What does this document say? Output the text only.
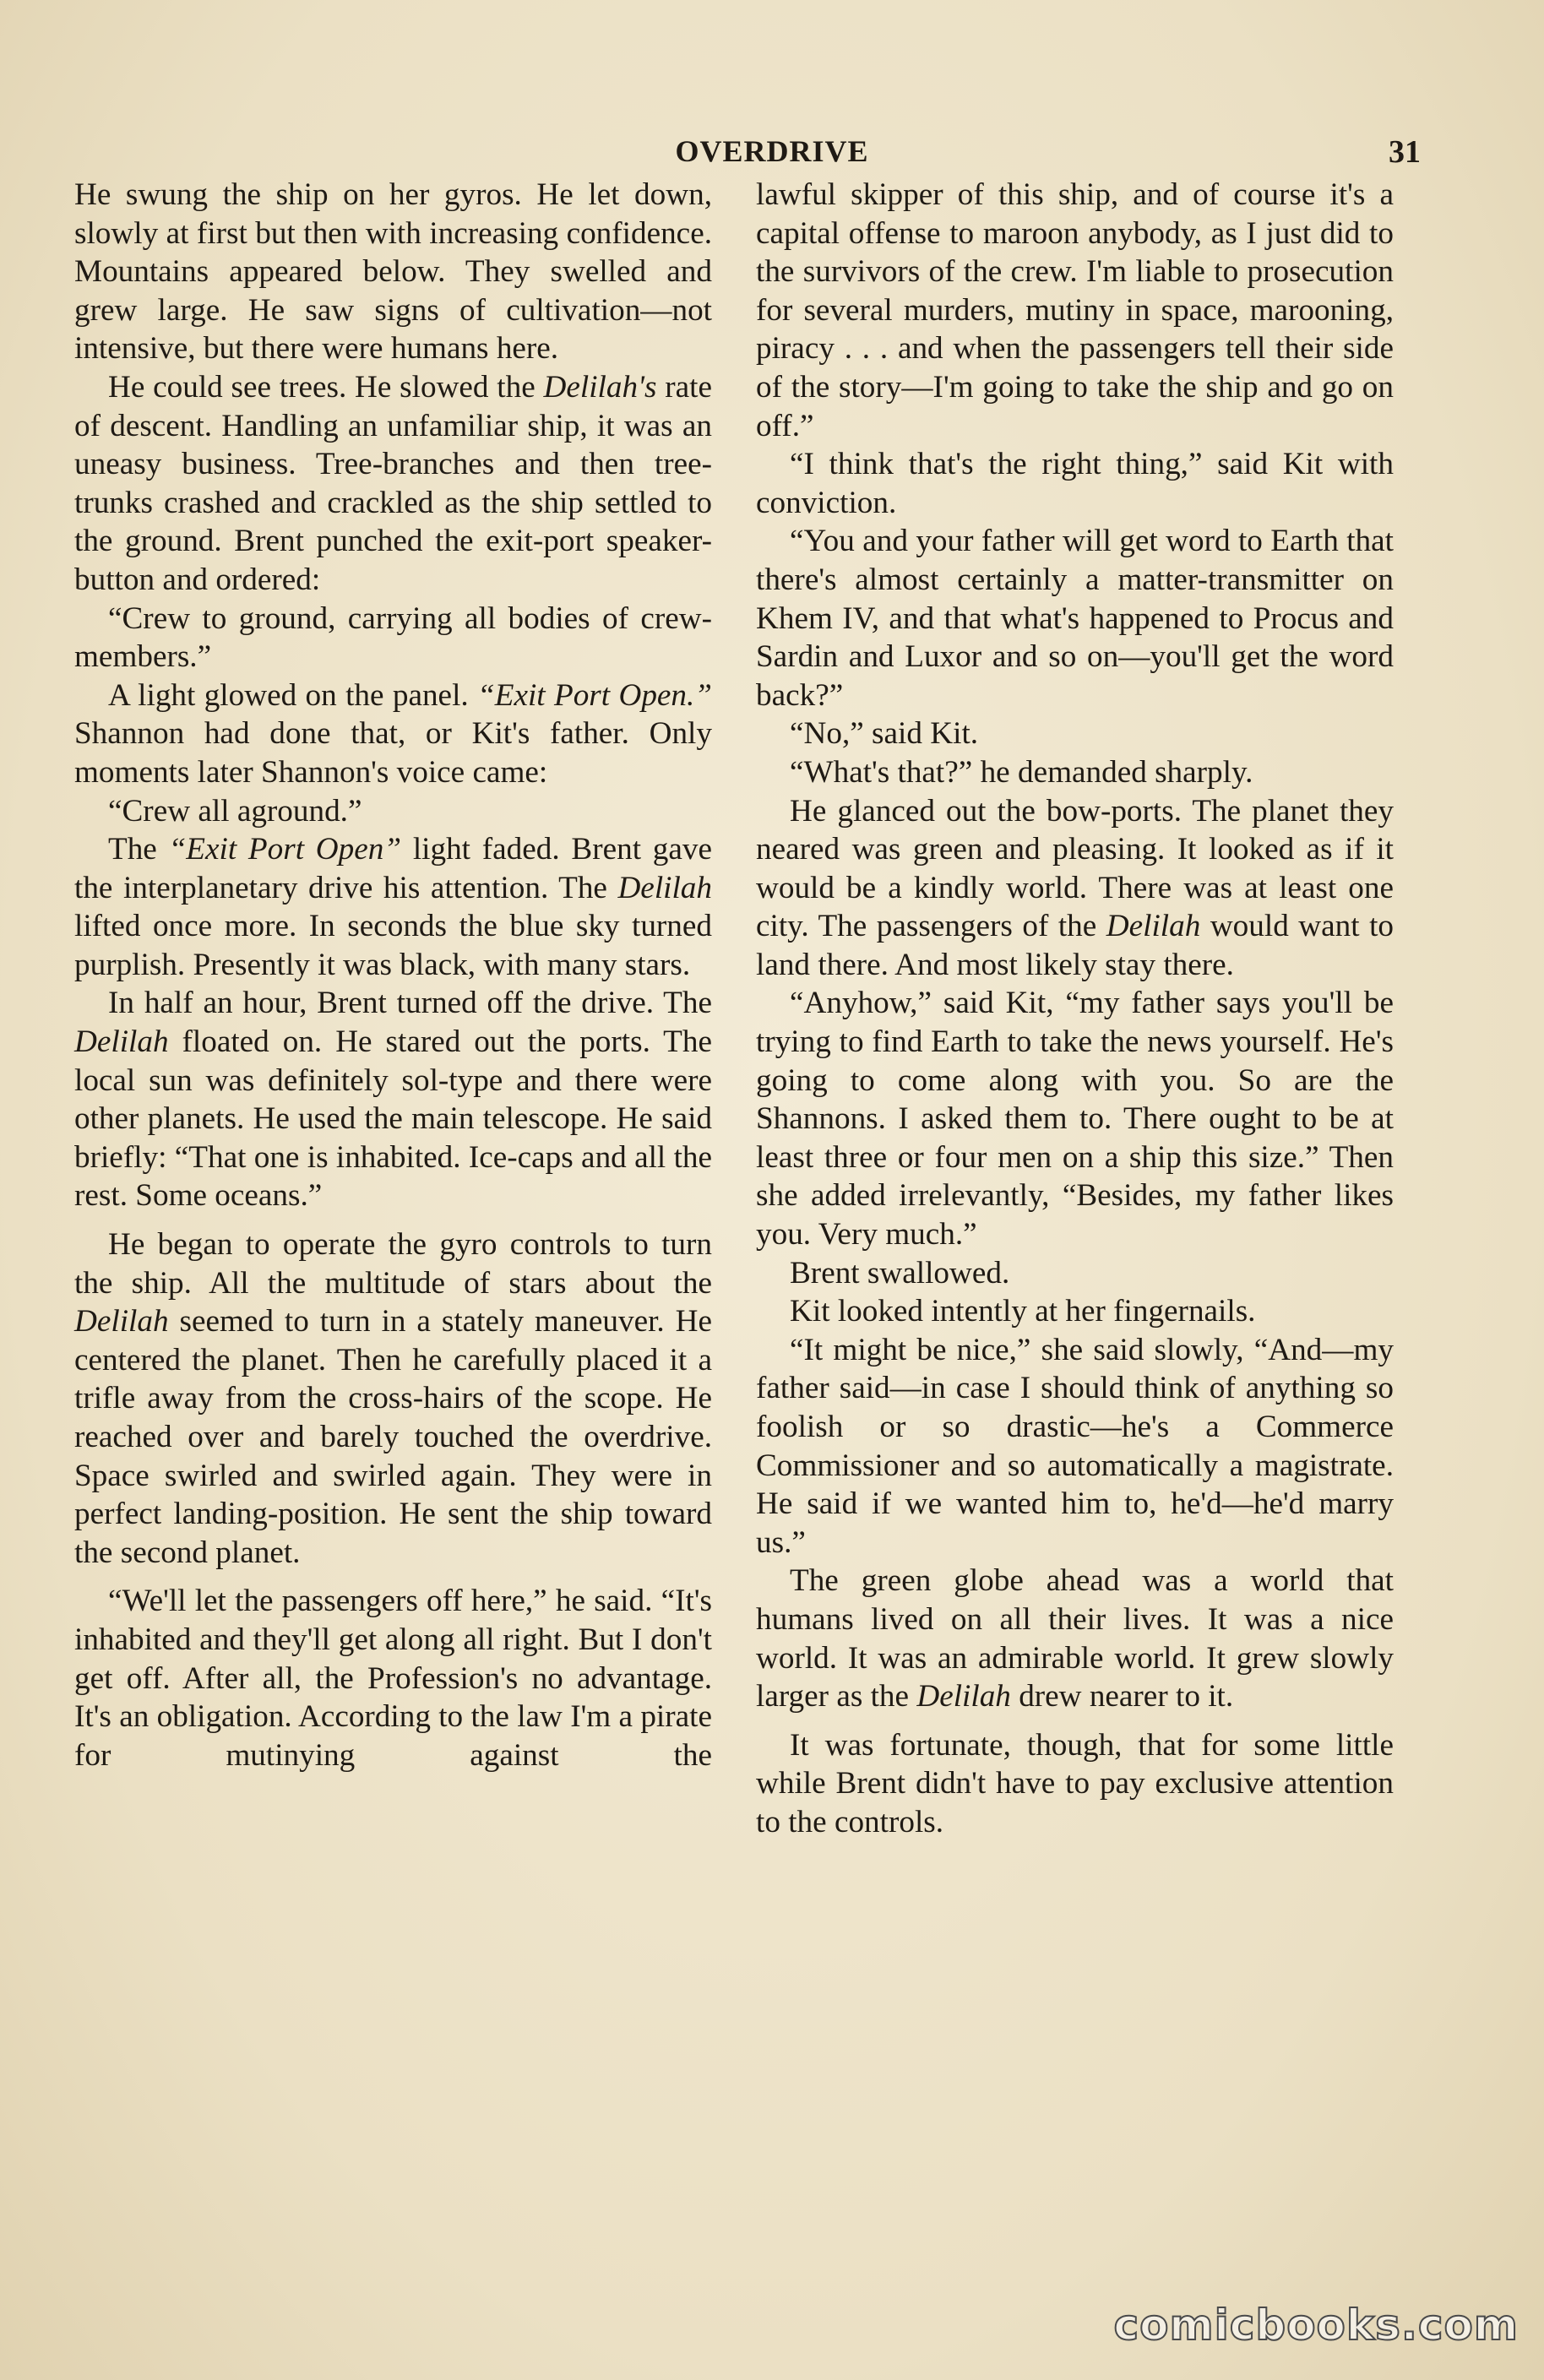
OVERDRIVE	31

He swung the ship on her gyros. He let down, slowly at first but then with increasing confidence. Mountains appeared below. They swelled and grew large. He saw signs of cultivation—not intensive, but there were humans here.

He could see trees. He slowed the Delilah's rate of descent. Handling an unfamiliar ship, it was an uneasy business. Tree-branches and then tree-trunks crashed and crackled as the ship settled to the ground. Brent punched the exit-port speaker-button and ordered:

“Crew to ground, carrying all bodies of crew-members.”

A light glowed on the panel. “Exit Port Open.” Shannon had done that, or Kit's father. Only moments later Shannon's voice came:

“Crew all aground.”

The “Exit Port Open” light faded. Brent gave the interplanetary drive his attention. The Delilah lifted once more. In seconds the blue sky turned purplish. Presently it was black, with many stars.

In half an hour, Brent turned off the drive. The Delilah floated on. He stared out the ports. The local sun was definitely sol-type and there were other planets. He used the main telescope. He said briefly: “That one is inhabited. Ice-caps and all the rest. Some oceans.”

He began to operate the gyro controls to turn the ship. All the multitude of stars about the Delilah seemed to turn in a stately maneuver. He centered the planet. Then he carefully placed it a trifle away from the cross-hairs of the scope. He reached over and barely touched the overdrive. Space swirled and swirled again. They were in perfect landing-position. He sent the ship toward the second planet.

“We'll let the passengers off here,” he said. “It's inhabited and they'll get along all right. But I don't get off. After all, the Profession's no advantage. It's an obligation. According to the law I'm a pirate for mutinying against the

lawful skipper of this ship, and of course it's a capital offense to maroon anybody, as I just did to the survivors of the crew. I'm liable to prosecution for several murders, mutiny in space, marooning, piracy . . . and when the passengers tell their side of the story—I'm going to take the ship and go on off.”

“I think that's the right thing,” said Kit with conviction.

“You and your father will get word to Earth that there's almost certainly a matter-transmitter on Khem IV, and that what's happened to Procus and Sardin and Luxor and so on—you'll get the word back?”

“No,” said Kit.

“What's that?” he demanded sharply.

He glanced out the bow-ports. The planet they neared was green and pleasing. It looked as if it would be a kindly world. There was at least one city. The passengers of the Delilah would want to land there. And most likely stay there.

“Anyhow,” said Kit, “my father says you'll be trying to find Earth to take the news yourself. He's going to come along with you. So are the Shannons. I asked them to. There ought to be at least three or four men on a ship this size.” Then she added irrelevantly, “Besides, my father likes you. Very much.”

Brent swallowed.

Kit looked intently at her fingernails.

“It might be nice,” she said slowly, “And—my father said—in case I should think of anything so foolish or so drastic—he's a Commerce Commissioner and so automatically a magistrate. He said if we wanted him to, he'd—he'd marry us.”

The green globe ahead was a world that humans lived on all their lives. It was a nice world. It was an admirable world. It grew slowly larger as the Delilah drew nearer to it.

It was fortunate, though, that for some little while Brent didn't have to pay exclusive attention to the controls.

comicbooks.com
